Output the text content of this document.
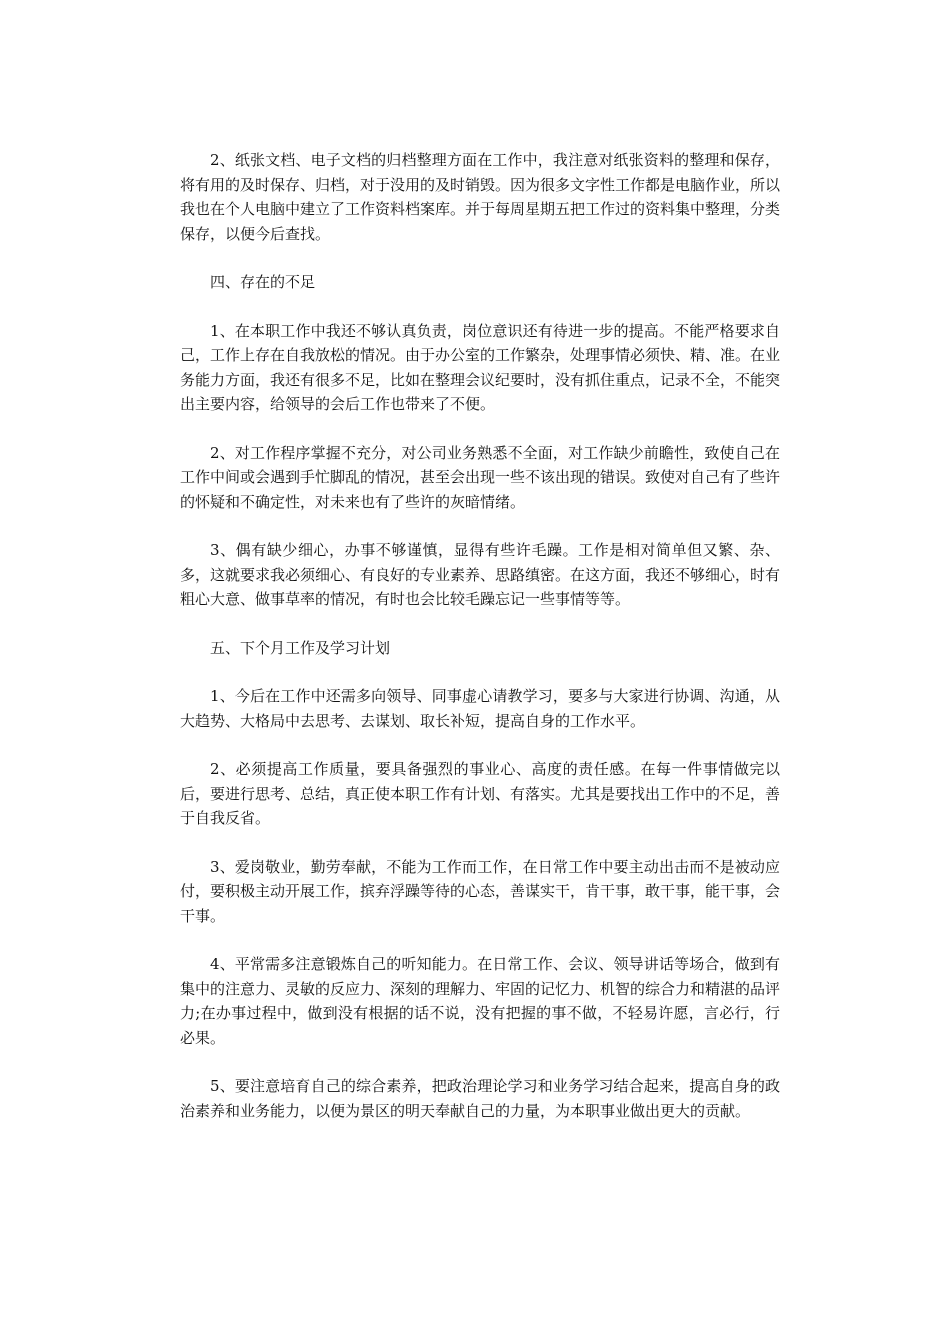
2、纸张文档、电子文档的归档整理方面在工作中，我注意对纸张资料的整理和保存，将有用的及时保存、归档，对于没用的及时销毁。因为很多文字性工作都是电脑作业，所以我也在个人电脑中建立了工作资料档案库。并于每周星期五把工作过的资料集中整理，分类保存，以便今后查找。

四、存在的不足

1、在本职工作中我还不够认真负责，岗位意识还有待进一步的提高。不能严格要求自己，工作上存在自我放松的情况。由于办公室的工作繁杂，处理事情必须快、精、准。在业务能力方面，我还有很多不足，比如在整理会议纪要时，没有抓住重点，记录不全，不能突出主要内容，给领导的会后工作也带来了不便。

2、对工作程序掌握不充分，对公司业务熟悉不全面，对工作缺少前瞻性，致使自己在工作中间或会遇到手忙脚乱的情况，甚至会出现一些不该出现的错误。致使对自己有了些许的怀疑和不确定性，对未来也有了些许的灰暗情绪。

3、偶有缺少细心，办事不够谨慎，显得有些许毛躁。工作是相对简单但又繁、杂、多，这就要求我必须细心、有良好的专业素养、思路缜密。在这方面，我还不够细心，时有粗心大意、做事草率的情况，有时也会比较毛躁忘记一些事情等等。

五、下个月工作及学习计划

1、今后在工作中还需多向领导、同事虚心请教学习，要多与大家进行协调、沟通，从大趋势、大格局中去思考、去谋划、取长补短，提高自身的工作水平。

2、必须提高工作质量，要具备强烈的事业心、高度的责任感。在每一件事情做完以后，要进行思考、总结，真正使本职工作有计划、有落实。尤其是要找出工作中的不足，善于自我反省。

3、爱岗敬业，勤劳奉献，不能为工作而工作，在日常工作中要主动出击而不是被动应付，要积极主动开展工作，摈弃浮躁等待的心态，善谋实干，肯干事，敢干事，能干事，会干事。

4、平常需多注意锻炼自己的听知能力。在日常工作、会议、领导讲话等场合，做到有集中的注意力、灵敏的反应力、深刻的理解力、牢固的记忆力、机智的综合力和精湛的品评力;在办事过程中，做到没有根据的话不说，没有把握的事不做，不轻易许愿，言必行，行必果。

5、要注意培育自己的综合素养，把政治理论学习和业务学习结合起来，提高自身的政治素养和业务能力，以便为景区的明天奉献自己的力量，为本职事业做出更大的贡献。
